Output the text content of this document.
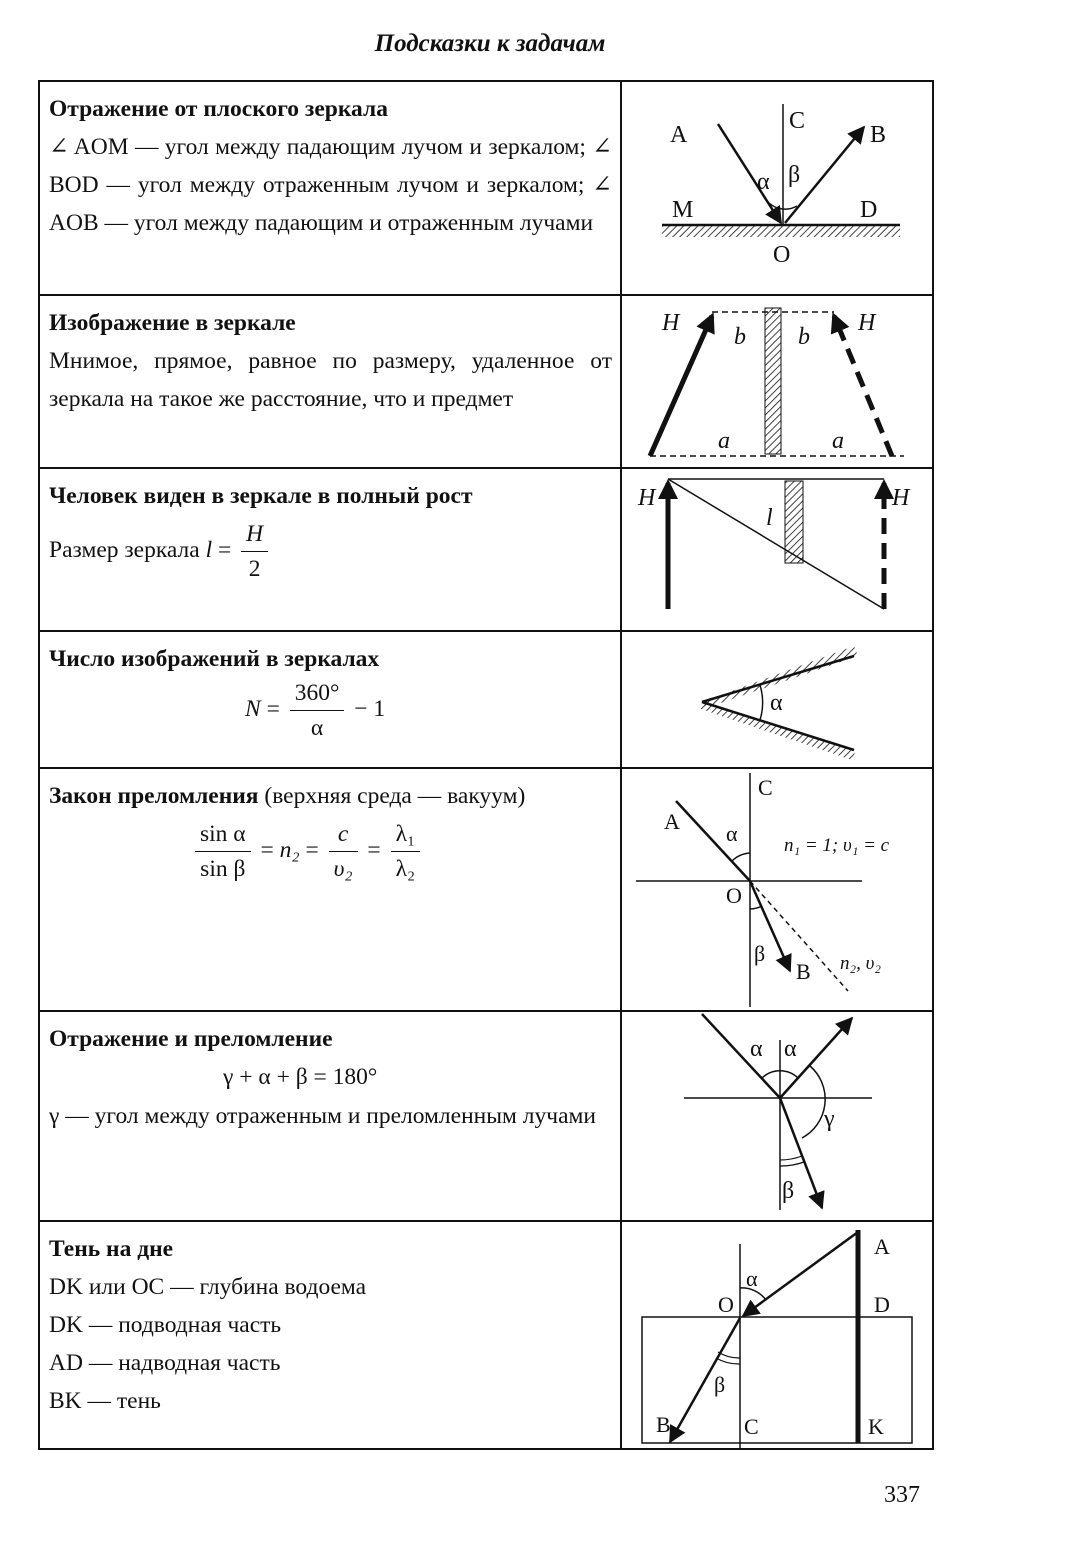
Подсказки к задачам
Отражение от плоского зеркала
∠ AOM — угол между падающим лучом и зеркалом; ∠ BOD — угол между отраженным лучом и зеркалом; ∠ AOB — угол между падающим и отраженным лучами
A
C
B
M	D
O
α β
Изображение в зеркале
Мнимое, прямое, равное по размеру, удаленное от зеркала на такое же расстояние, что и предмет
H	H
b b
a	a
Человек виден в зеркале в полный рост
Размер зеркала $l = \frac{H}{2}$
H	H
l
Число изображений в зеркалах
$N = \frac{360^\circ}{\alpha} - 1$	α
Закон преломления (верхняя среда — вакуум)
$\frac{\text{sin α}}{\text{sin β}} = n_2 = \frac{c}{\text{υ₂}} = \frac{\text{λ₁}}{\text{λ₂}}$
C
A α
O
β
B
n₁ = 1; υ₁ = c
n₂, υ₂
Отражение и преломление
γ + α + β = 180°
γ — угол между отраженным и преломленным лучами
α α
γ
β
Тень на дне
DK или OC — глубина водоема
DK — подводная часть
AD — надводная часть
BK — тень
A
α
O	D
β
B	C	K
337
